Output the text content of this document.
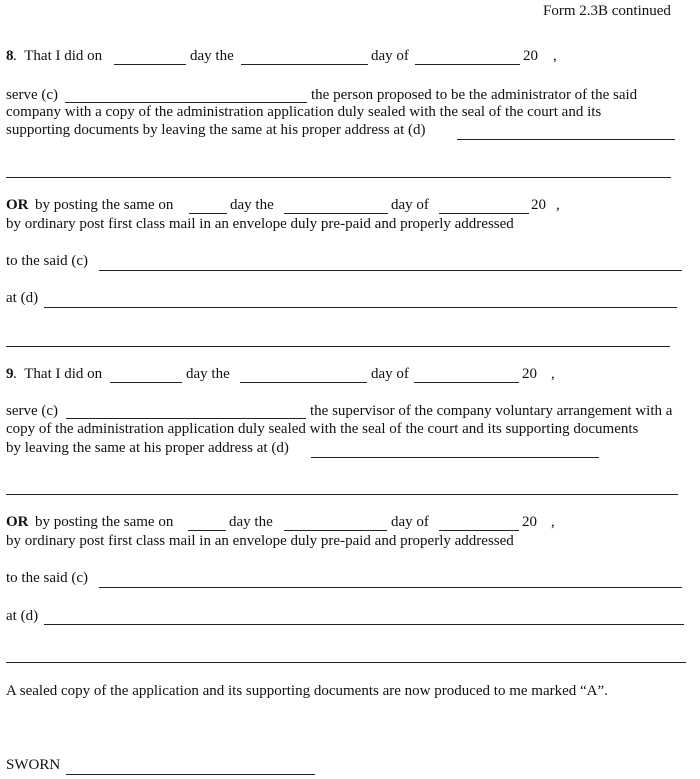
Form 2.3B continued
8 .  That I did on	day the	day of	20 ,
serve (c)	the person proposed to be the administrator of the said
company with a copy of the administration application duly sealed with the seal of the court and its
supporting documents by leaving the same at his proper address at (d)
OR by posting the same on	day the	day of	20 ,
by ordinary post first class mail in an envelope duly pre-paid and properly addressed
to the said (c)
at (d)
9 .  That I did on	day the	day of	20 ,
serve (c)	the supervisor of the company voluntary arrangement with a
copy of the administration application duly sealed with the seal of the court and its supporting documents
by leaving the same at his proper address at (d)
OR by posting the same on	day the	day of	20 ,
by ordinary post first class mail in an envelope duly pre-paid and properly addressed
to the said (c)
at (d)
A sealed copy of the application and its supporting documents are now produced to me marked “A”.
SWORN
